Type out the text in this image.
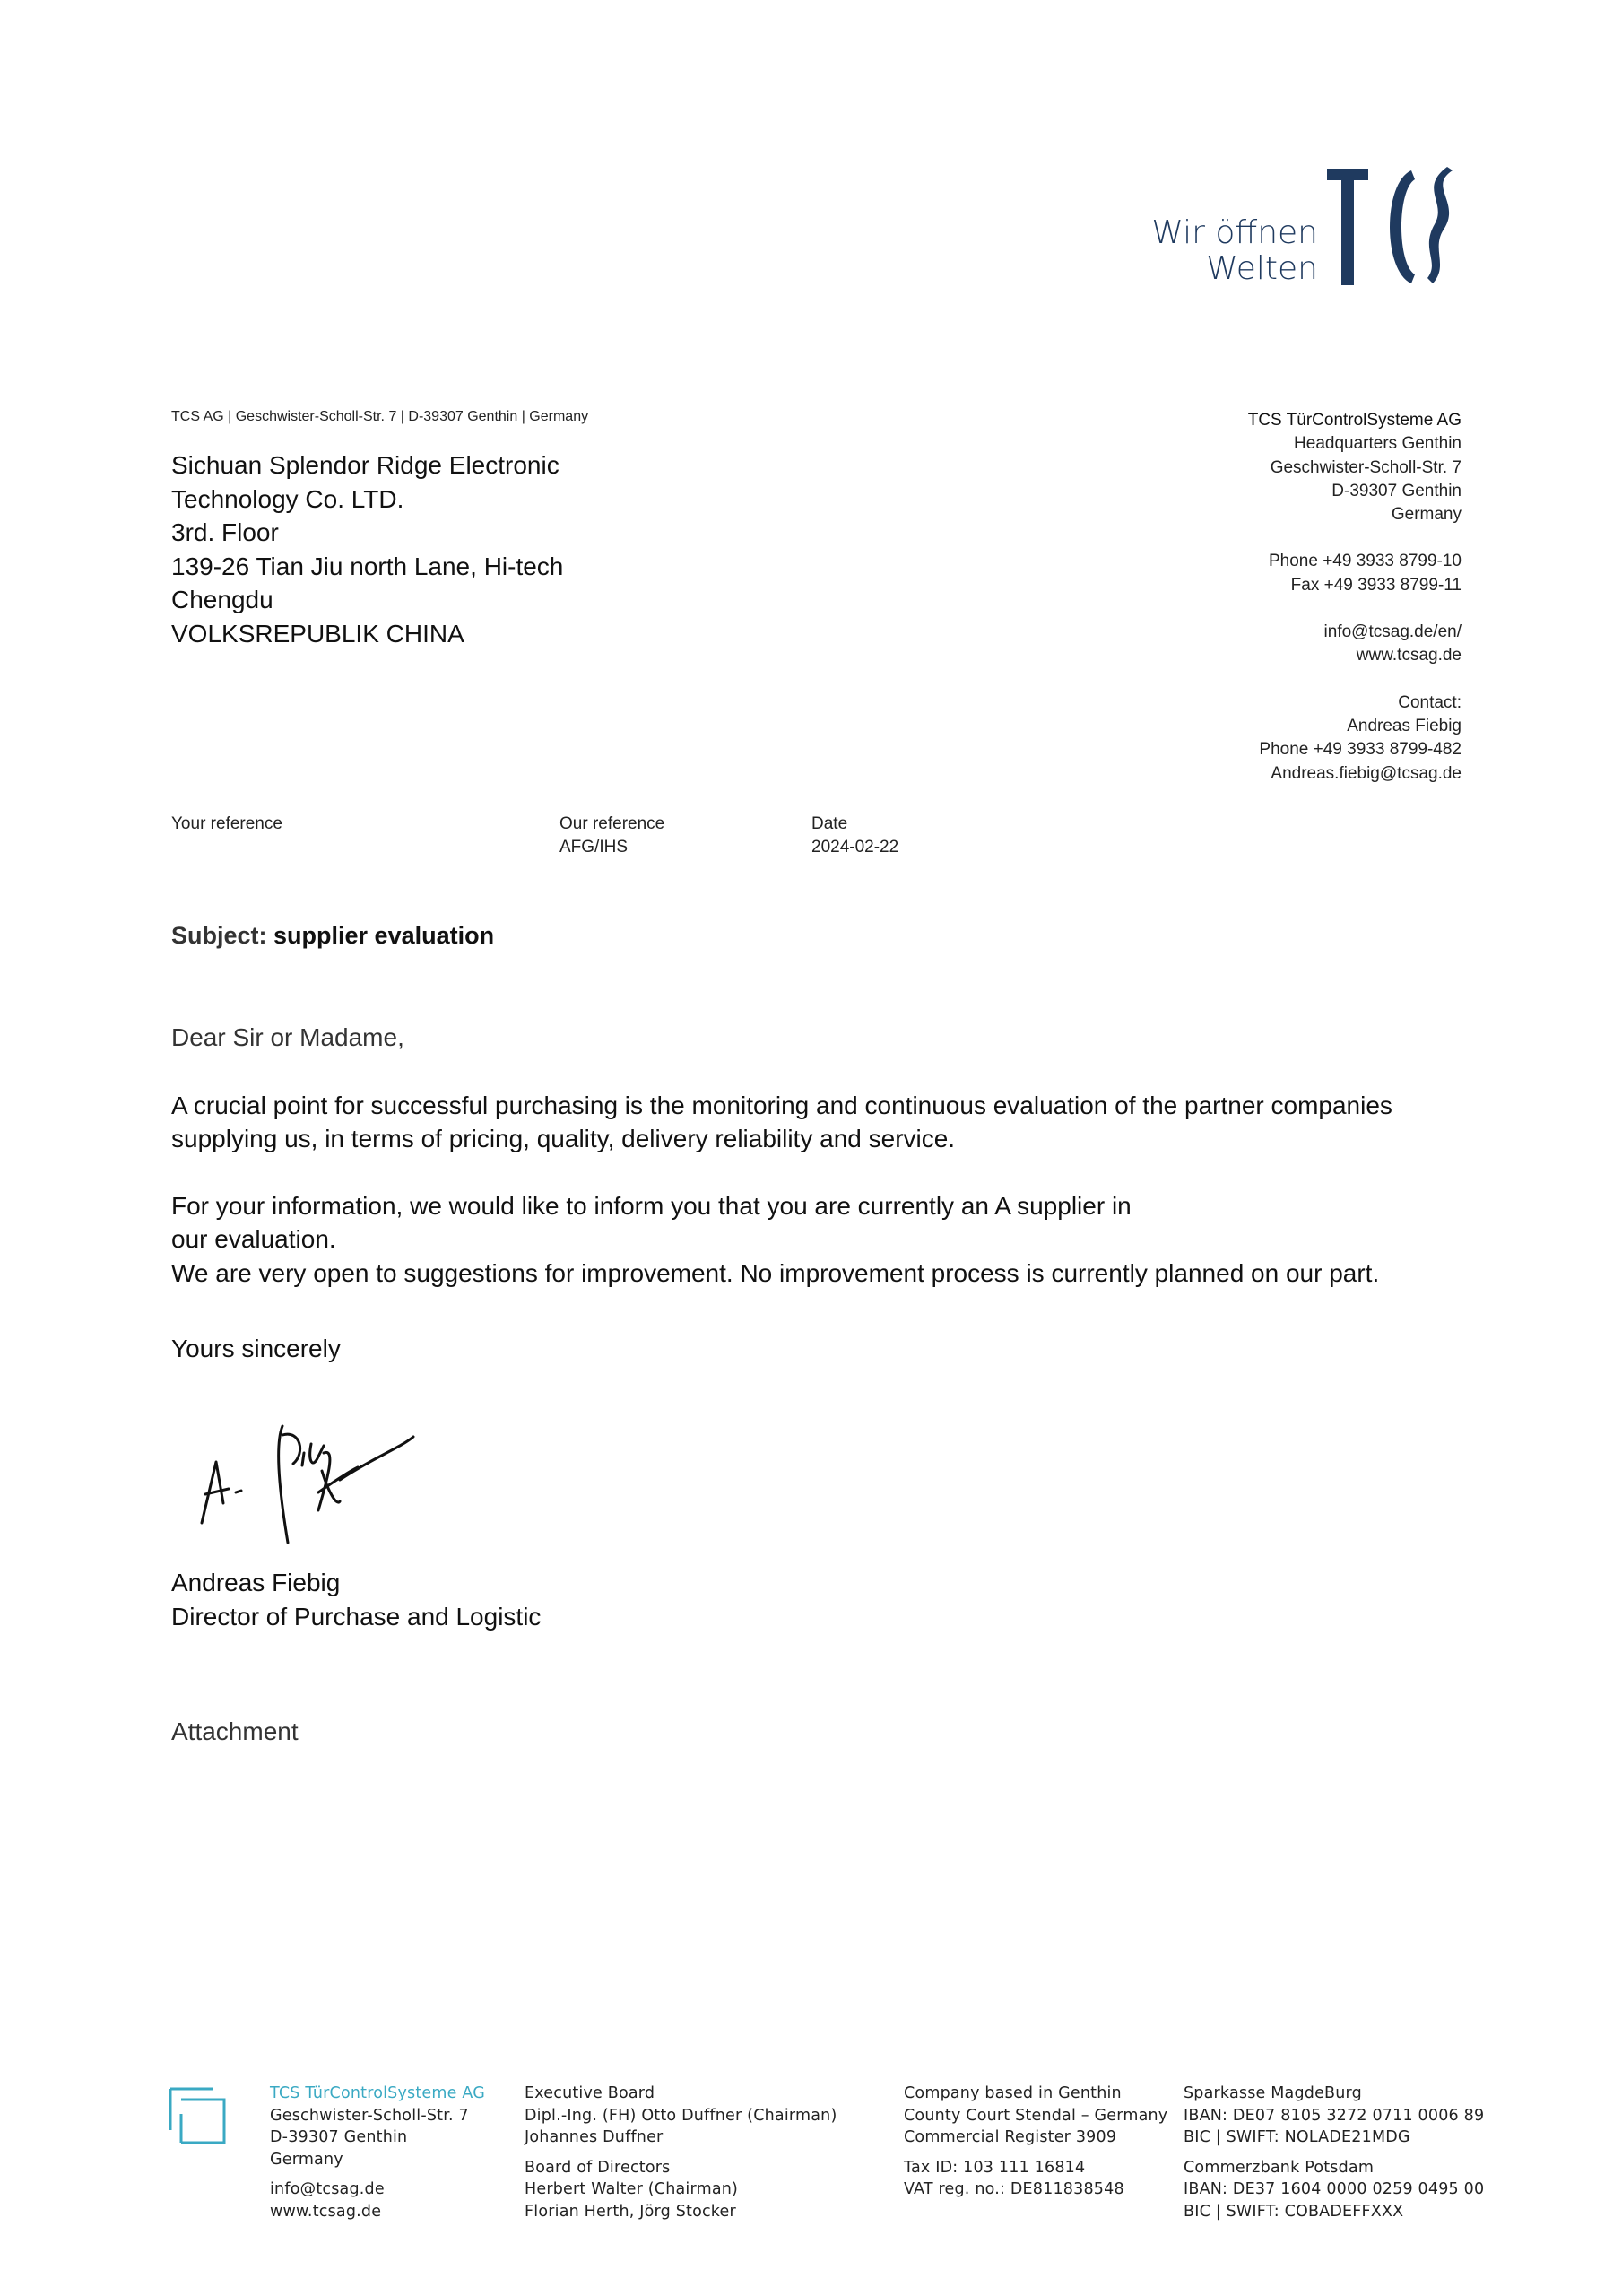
Wir öffnen
Welten
TCS AG | Geschwister-Scholl-Str. 7 | D-39307 Genthin | Germany
Sichuan Splendor Ridge Electronic
Technology Co. LTD.
3rd. Floor
139-26 Tian Jiu north Lane, Hi-tech
Chengdu
VOLKSREPUBLIK CHINA
TCS TürControlSysteme AG
Headquarters Genthin
Geschwister-Scholl-Str. 7
D-39307 Genthin
Germany
Phone +49 3933 8799-10
Fax +49 3933 8799-11
info@tcsag.de/en/
www.tcsag.de
Contact:
Andreas Fiebig
Phone +49 3933 8799-482
Andreas.fiebig@tcsag.de
Your reference	Our reference
AFG/IHS
Date
2024-02-22
Subject: supplier evaluation

Dear Sir or Madame,

A crucial point for successful purchasing is the monitoring and continuous evaluation of the partner companies

supplying us, in terms of pricing, quality, delivery reliability and service.

For your information, we would like to inform you that you are currently an A supplier in

our evaluation.

We are very open to suggestions for improvement. No improvement process is currently planned on our part.

Yours sincerely

Andreas Fiebig
Director of Purchase and Logistic
Attachment
TCS TürControlSysteme AG
Geschwister-Scholl-Str. 7
D-39307 Genthin
Germany
info@tcsag.de
www.tcsag.de
Executive Board
Dipl.-Ing. (FH) Otto Duffner (Chairman)
Johannes Duffner
Board of Directors
Herbert Walter (Chairman)
Florian Herth, Jörg Stocker
Company based in Genthin
County Court Stendal – Germany
Commercial Register 3909
Tax ID: 103 111 16814
VAT reg. no.: DE811838548
Sparkasse MagdeBurg
IBAN: DE07 8105 3272 0711 0006 89
BIC | SWIFT: NOLADE21MDG
Commerzbank Potsdam
IBAN: DE37 1604 0000 0259 0495 00
BIC | SWIFT: COBADEFFXXX
